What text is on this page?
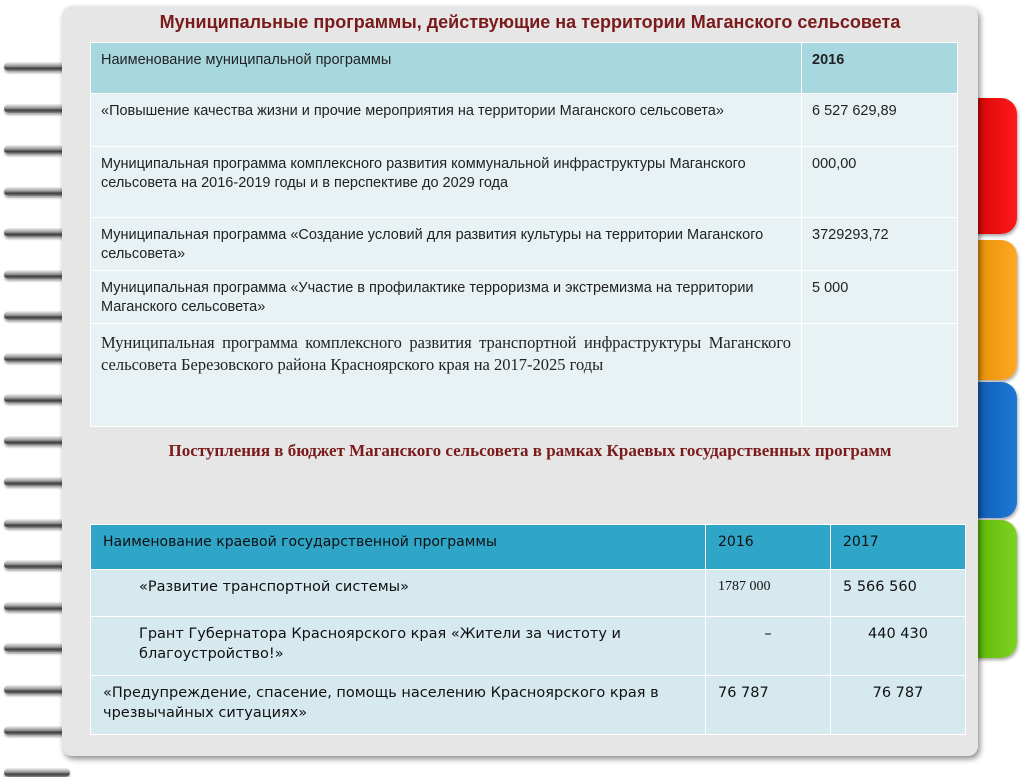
Муниципальные программы, действующие на территории Маганского сельсовета
Наименование муниципальной программы	2016
«Повышение качества жизни и прочие мероприятия на территории Маганского сельсовета»	6 527 629,89
Муниципальная программа комплексного развития коммунальной инфраструктуры Маганского сельсовета на 2016-2019 годы и в перспективе до 2029 года	000,00
Муниципальная программа «Создание условий для развития культуры на территории Маганского сельсовета»	3729293,72
Муниципальная программа «Участие в профилактике терроризма и экстремизма на территории Маганского сельсовета»	5 000
Муниципальная программа комплексного развития транспортной инфраструктуры Маганского сельсовета Березовского района Красноярского края на 2017-2025 годы	
Поступления в бюджет Маганского сельсовета в рамках Краевых государственных программ
Наименование краевой государственной программы	2016	2017
«Развитие транспортной системы»	1787 000	5 566 560
Грант Губернатора Красноярского края «Жители за чистоту и благоустройство!»	–	440 430
«Предупреждение, спасение, помощь населению Красноярского края в чрезвычайных ситуациях»	76 787	76 787
